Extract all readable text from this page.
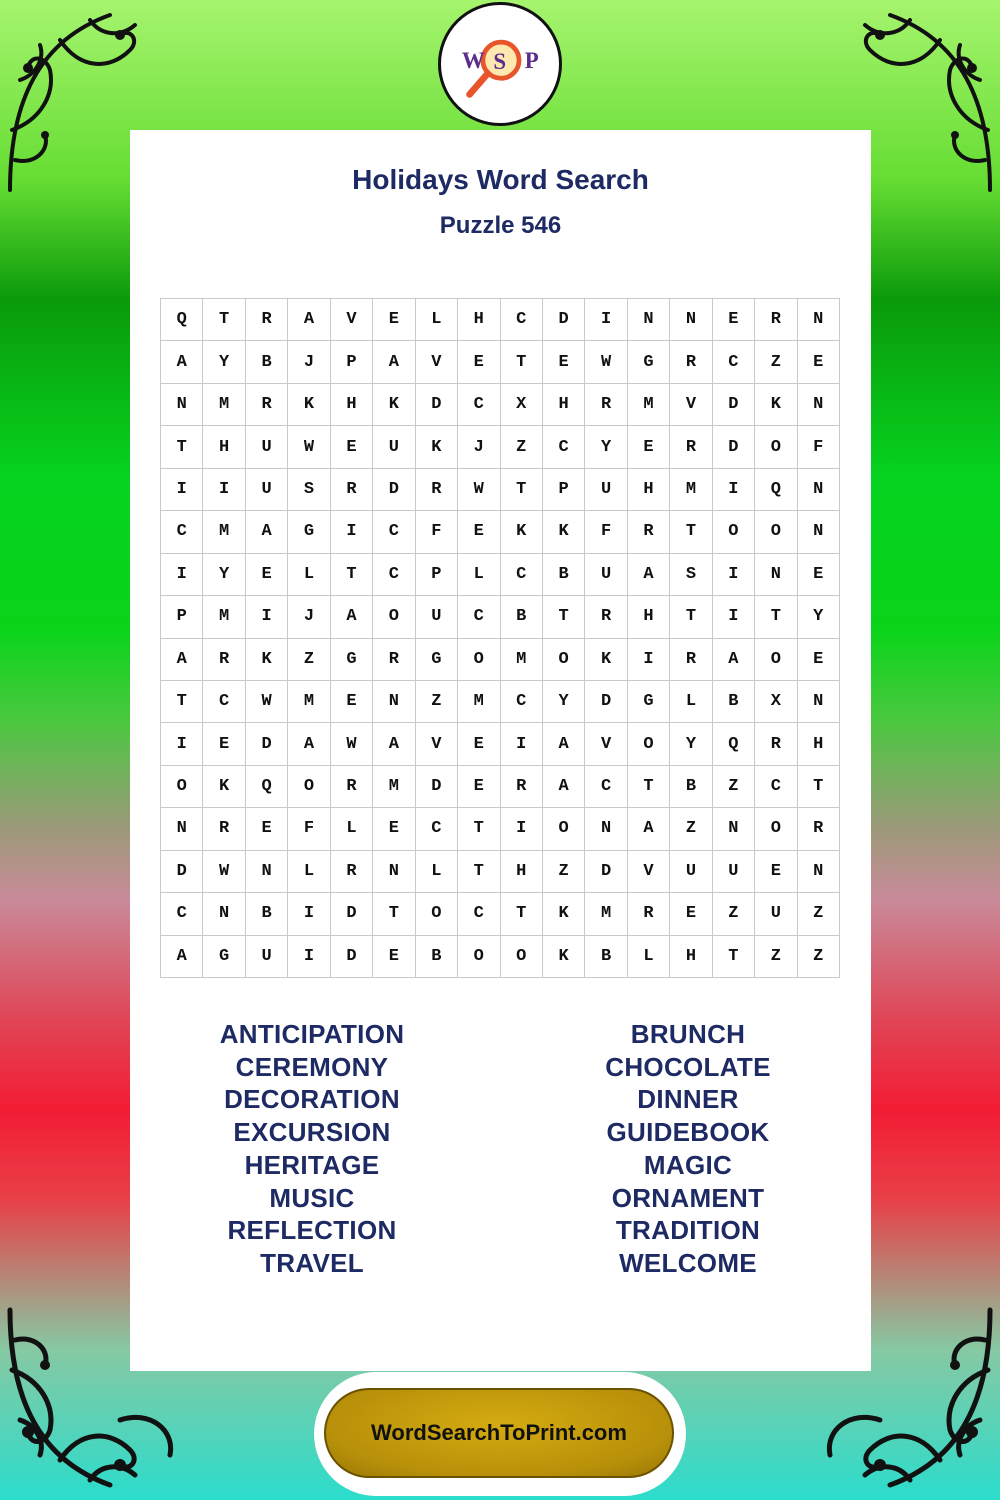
W S P
Holidays Word Search
Puzzle 546
Q	T	R	A	V	E	L	H	C	D	I	N	N	E	R	N
A	Y	B	J	P	A	V	E	T	E	W	G	R	C	Z	E
N	M	R	K	H	K	D	C	X	H	R	M	V	D	K	N
T	H	U	W	E	U	K	J	Z	C	Y	E	R	D	O	F
I	I	U	S	R	D	R	W	T	P	U	H	M	I	Q	N
C	M	A	G	I	C	F	E	K	K	F	R	T	O	O	N
I	Y	E	L	T	C	P	L	C	B	U	A	S	I	N	E
P	M	I	J	A	O	U	C	B	T	R	H	T	I	T	Y
A	R	K	Z	G	R	G	O	M	O	K	I	R	A	O	E
T	C	W	M	E	N	Z	M	C	Y	D	G	L	B	X	N
I	E	D	A	W	A	V	E	I	A	V	O	Y	Q	R	H
O	K	Q	O	R	M	D	E	R	A	C	T	B	Z	C	T
N	R	E	F	L	E	C	T	I	O	N	A	Z	N	O	R
D	W	N	L	R	N	L	T	H	Z	D	V	U	U	E	N
C	N	B	I	D	T	O	C	T	K	M	R	E	Z	U	Z
A	G	U	I	D	E	B	O	O	K	B	L	H	T	Z	Z
ANTICIPATION
CEREMONY
DECORATION
EXCURSION
HERITAGE
MUSIC
REFLECTION
TRAVEL
BRUNCH
CHOCOLATE
DINNER
GUIDEBOOK
MAGIC
ORNAMENT
TRADITION
WELCOME
WordSearchToPrint.com
